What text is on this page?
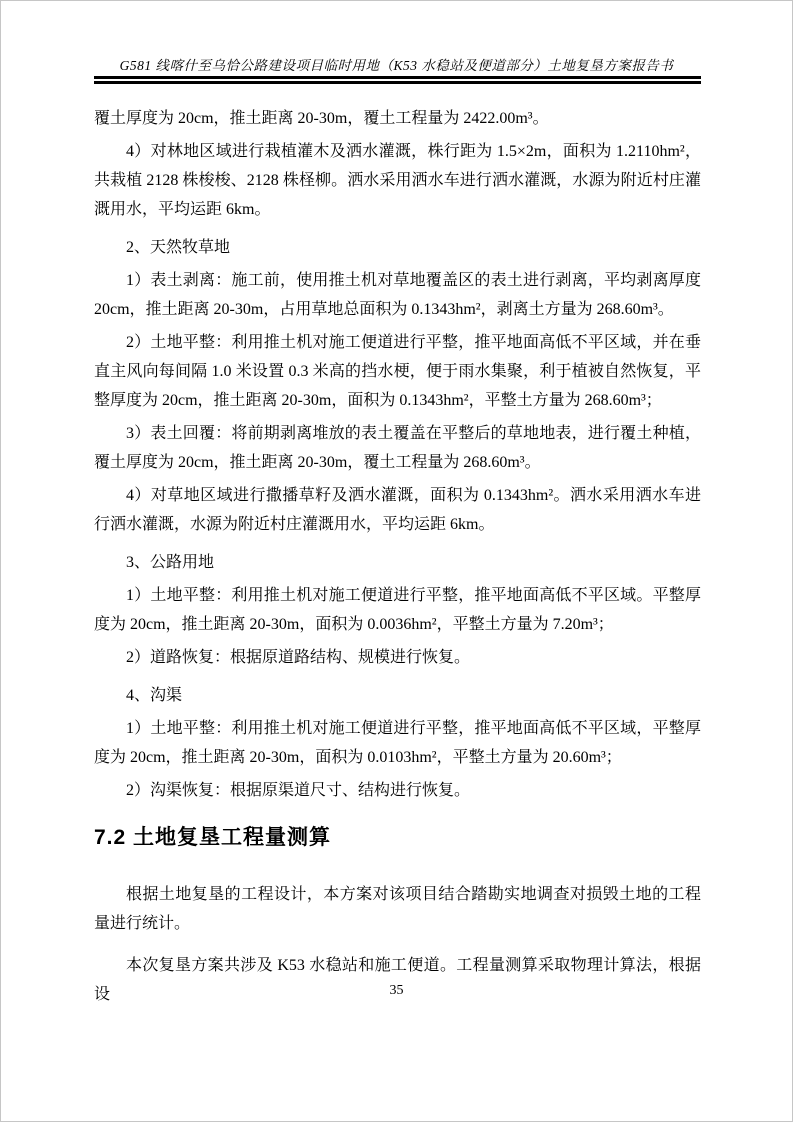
G581 线喀什至乌恰公路建设项目临时用地（K53 水稳站及便道部分）土地复垦方案报告书

覆土厚度为 20cm，推土距离 20-30m，覆土工程量为 2422.00m³。

4）对林地区域进行栽植灌木及洒水灌溉，株行距为 1.5×2m，面积为 1.2110hm²，共栽植 2128 株梭梭、2128 株柽柳。洒水采用洒水车进行洒水灌溉，水源为附近村庄灌溉用水，平均运距 6km。

2、天然牧草地

1）表土剥离：施工前，使用推土机对草地覆盖区的表土进行剥离，平均剥离厚度 20cm，推土距离 20-30m，占用草地总面积为 0.1343hm²，剥离土方量为 268.60m³。

2）土地平整：利用推土机对施工便道进行平整，推平地面高低不平区域，并在垂直主风向每间隔 1.0 米设置 0.3 米高的挡水梗，便于雨水集聚，利于植被自然恢复，平整厚度为 20cm，推土距离 20-30m，面积为 0.1343hm²，平整土方量为 268.60m³；

3）表土回覆：将前期剥离堆放的表土覆盖在平整后的草地地表，进行覆土种植，覆土厚度为 20cm，推土距离 20-30m，覆土工程量为 268.60m³。

4）对草地区域进行撒播草籽及洒水灌溉，面积为 0.1343hm²。洒水采用洒水车进行洒水灌溉，水源为附近村庄灌溉用水，平均运距 6km。

3、公路用地

1）土地平整：利用推土机对施工便道进行平整，推平地面高低不平区域。平整厚度为 20cm，推土距离 20-30m，面积为 0.0036hm²，平整土方量为 7.20m³；

2）道路恢复：根据原道路结构、规模进行恢复。

4、沟渠

1）土地平整：利用推土机对施工便道进行平整，推平地面高低不平区域，平整厚度为 20cm，推土距离 20-30m，面积为 0.0103hm²，平整土方量为 20.60m³；

2）沟渠恢复：根据原渠道尺寸、结构进行恢复。

7.2 土地复垦工程量测算

根据土地复垦的工程设计，本方案对该项目结合踏勘实地调查对损毁土地的工程量进行统计。

本次复垦方案共涉及 K53 水稳站和施工便道。工程量测算采取物理计算法，根据设	35
